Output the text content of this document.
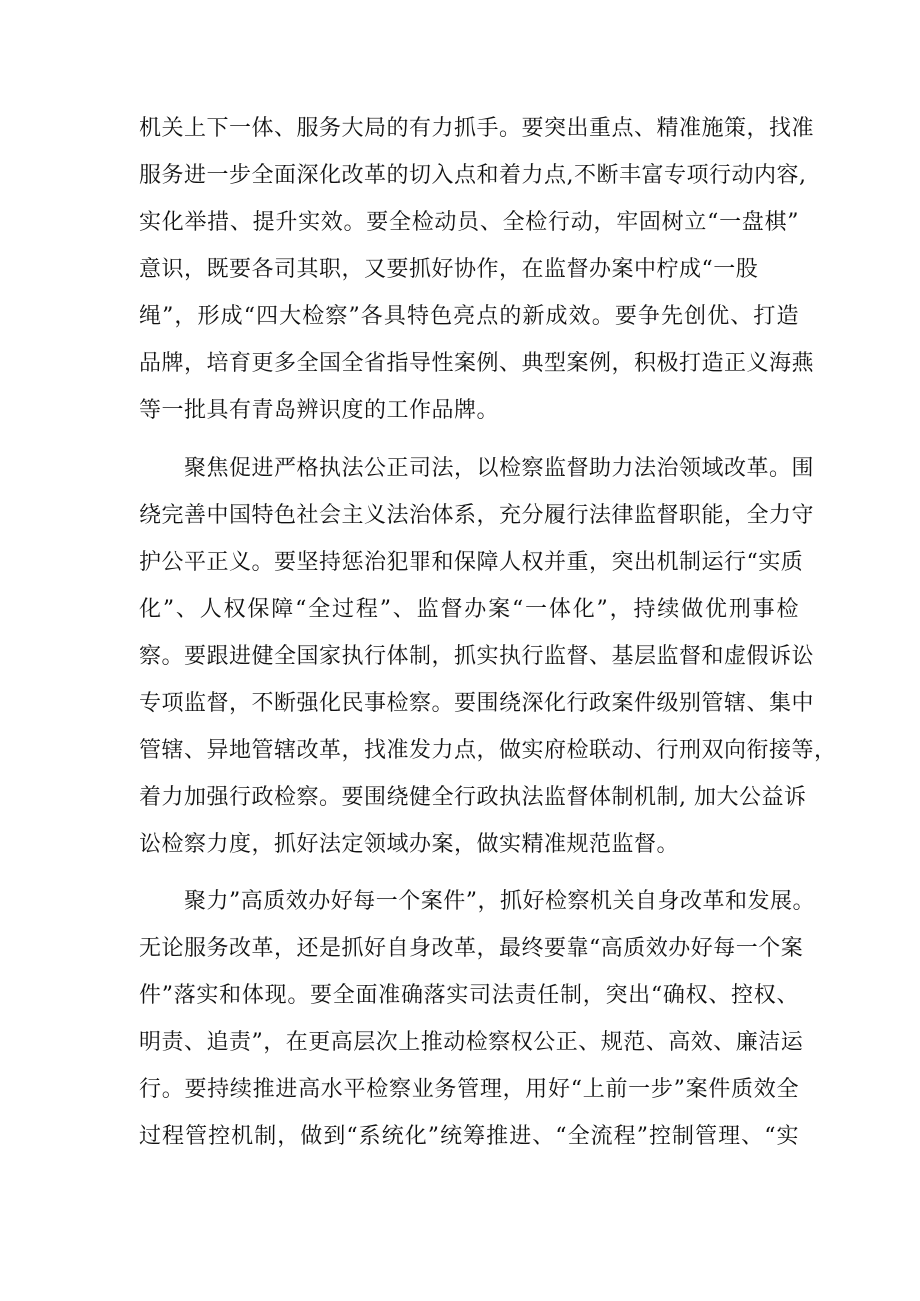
机关上下一体、服务大局的有力抓手。要突出重点、精准施策，找准
服务进一步全面深化改革的切入点和着力点,不断丰富专项行动内容,
实化举措、提升实效。要全检动员、全检行动，牢固树立“一盘棋”
意识，既要各司其职，又要抓好协作，在监督办案中柠成“一股
绳”，形成“四大检察”各具特色亮点的新成效。要争先创优、打造
品牌，培育更多全国全省指导性案例、典型案例，积极打造正义海燕
等一批具有青岛辨识度的工作品牌。
聚焦促进严格执法公正司法，以检察监督助力法治领域改革。围
绕完善中国特色社会主义法治体系，充分履行法律监督职能，全力守
护公平正义。要坚持惩治犯罪和保障人权并重，突出机制运行“实质
化”、人权保障“全过程”、监督办案“一体化”，持续做优刑事检
察。要跟进健全国家执行体制，抓实执行监督、基层监督和虚假诉讼
专项监督，不断强化民事检察。要围绕深化行政案件级别管辖、集中
管辖、异地管辖改革，找准发力点，做实府检联动、行刑双向衔接等，
着力加强行政检察。要围绕健全行政执法监督体制机制, 加大公益诉
讼检察力度，抓好法定领域办案，做实精准规范监督。
聚力”高质效办好每一个案件”，抓好检察机关自身改革和发展。
无论服务改革，还是抓好自身改革，最终要靠“高质效办好每一个案
件”落实和体现。要全面准确落实司法责任制，突出“确权、控权、
明责、追责”，在更高层次上推动检察权公正、规范、高效、廉洁运
行。要持续推进高水平检察业务管理，用好“上前一步”案件质效全
过程管控机制，做到“系统化”统筹推进、“全流程”控制管理、“实
